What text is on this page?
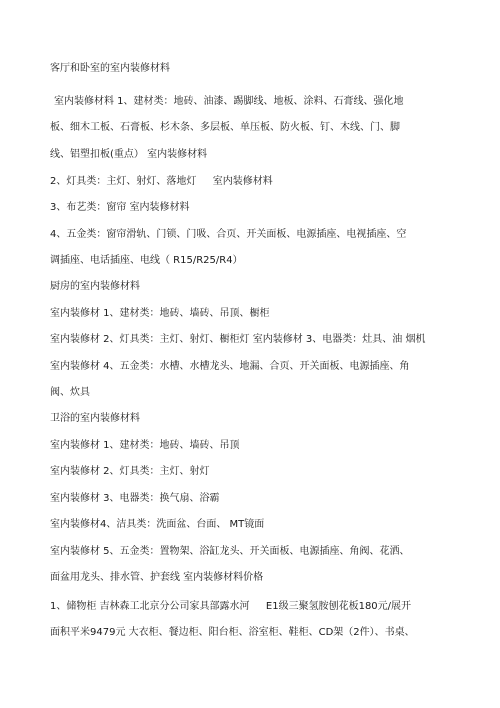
客厅和卧室的室内装修材料
室内装修材料 1、建材类：地砖、油漆、踢脚线、地板、涂料、石膏线、强化地
板、细木工板、石膏板、杉木条、多层板、单压板、防火板、钉、木线、门、脚
线、铝塑扣板(重点） 室内装修材料
2、灯具类：主灯、射灯、落地灯 　 室内装修材料
3、布艺类：窗帘 室内装修材料
4、五金类：窗帘滑轨、门锁、门吸、合页、开关面板、电源插座、电视插座、空
调插座、电话插座、电线（ R15/R25/R4）
厨房的室内装修材料
室内装修材 1、建材类：地砖、墙砖、吊顶、橱柜
室内装修材 2、灯具类：主灯、射灯、橱柜灯 室内装修材 3、电器类：灶具、油 烟机
室内装修材 4、五金类：水槽、水槽龙头、地漏、合页、开关面板、电源插座、角
阀、炊具
卫浴的室内装修材料
室内装修材 1、建材类：地砖、墙砖、吊顶
室内装修材 2、灯具类：主灯、射灯
室内装修材 3、电器类：换气扇、浴霸
室内装修材4、洁具类：洗面盆、台面、 MT镜面
室内装修材 5、五金类：置物架、浴缸龙头、开关面板、电源插座、角阀、花洒、
面盆用龙头、排水管、护套线 室内装修材料价格
1、储物柜 吉林森工北京分公司家具部露水河 　 E1级三聚氢胺刨花板180元/展开
面积平米9479元 大衣柜、餐边柜、阳台柜、浴室柜、鞋柜、CD架（2件）、书桌、
